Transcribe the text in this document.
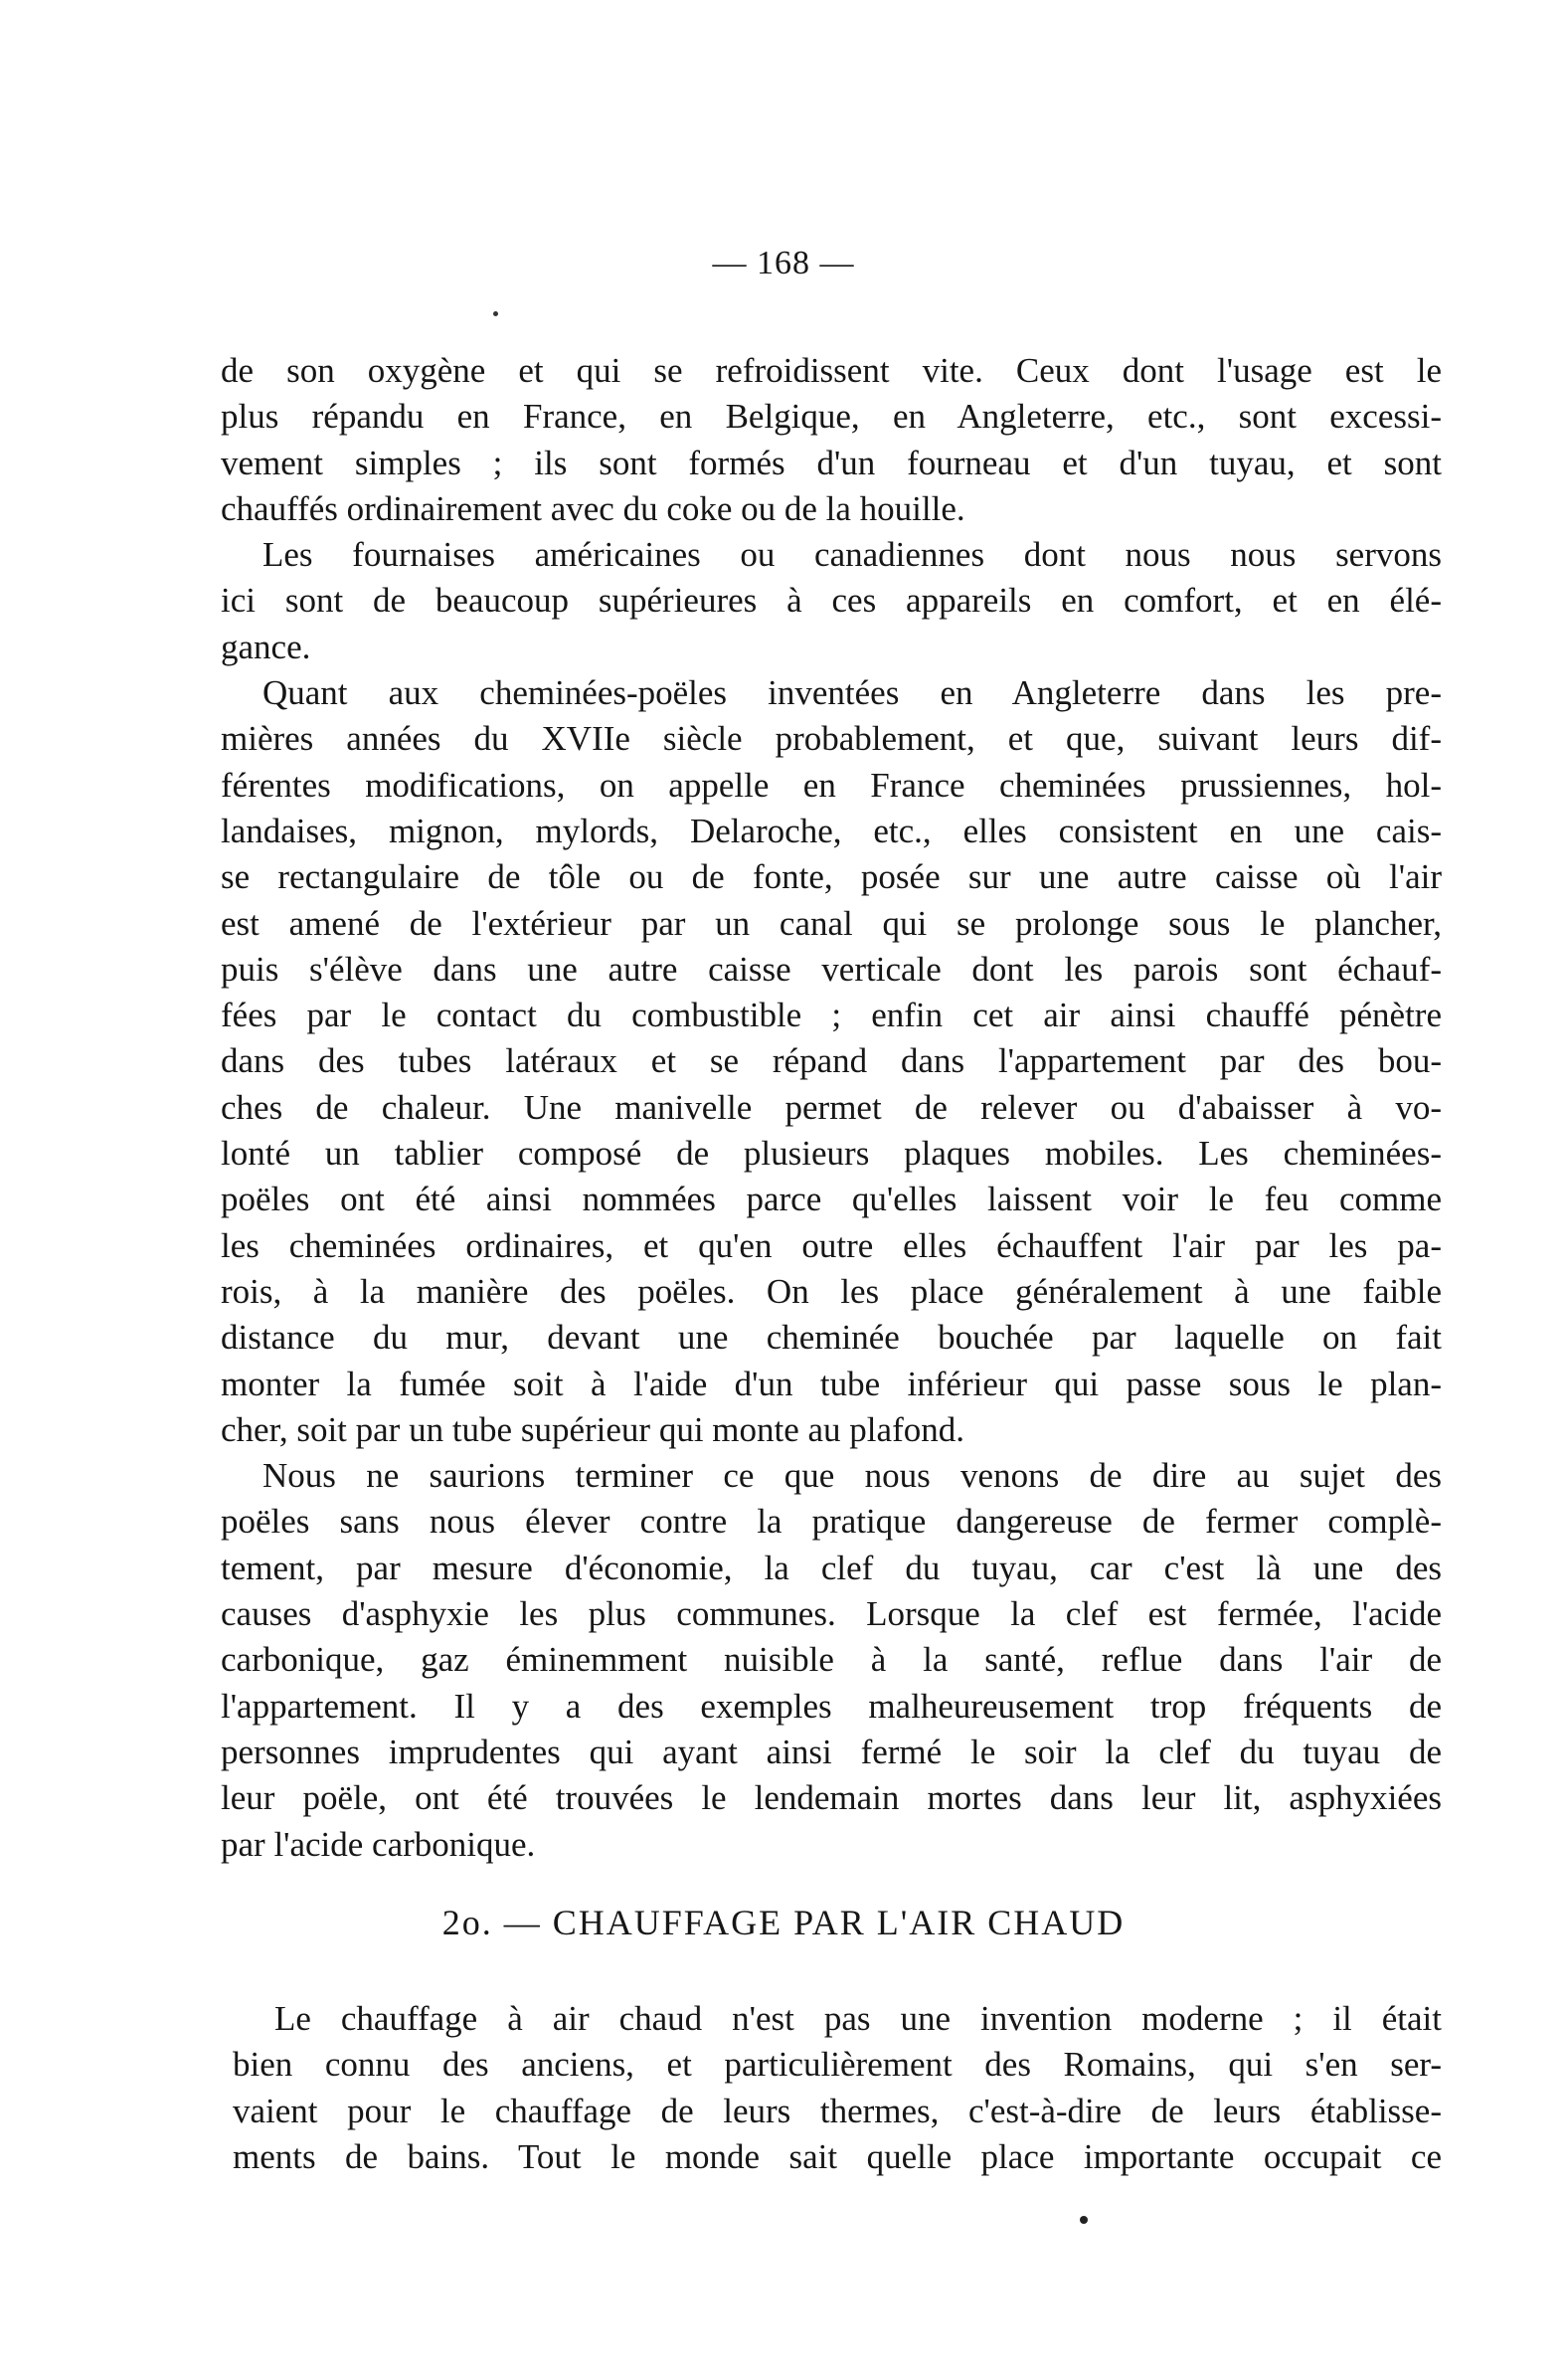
— 168 —

de son oxygène et qui se refroidissent vite. Ceux dont l'usage est le
plus répandu en France, en Belgique, en Angleterre, etc., sont excessi-
vement simples ; ils sont formés d'un fourneau et d'un tuyau, et sont
chauffés ordinairement avec du coke ou de la houille.

Les fournaises américaines ou canadiennes dont nous nous servons
ici sont de beaucoup supérieures à ces appareils en comfort, et en élé-
gance.

Quant aux cheminées-poëles inventées en Angleterre dans les pre-
mières années du XVIIe siècle probablement, et que, suivant leurs dif-
férentes modifications, on appelle en France cheminées prussiennes, hol-
landaises, mignon, mylords, Delaroche, etc., elles consistent en une cais-
se rectangulaire de tôle ou de fonte, posée sur une autre caisse où l'air
est amené de l'extérieur par un canal qui se prolonge sous le plancher,
puis s'élève dans une autre caisse verticale dont les parois sont échauf-
fées par le contact du combustible ; enfin cet air ainsi chauffé pénètre
dans des tubes latéraux et se répand dans l'appartement par des bou-
ches de chaleur. Une manivelle permet de relever ou d'abaisser à vo-
lonté un tablier composé de plusieurs plaques mobiles. Les cheminées-
poëles ont été ainsi nommées parce qu'elles laissent voir le feu comme
les cheminées ordinaires, et qu'en outre elles échauffent l'air par les pa-
rois, à la manière des poëles. On les place généralement à une faible
distance du mur, devant une cheminée bouchée par laquelle on fait
monter la fumée soit à l'aide d'un tube inférieur qui passe sous le plan-
cher, soit par un tube supérieur qui monte au plafond.

Nous ne saurions terminer ce que nous venons de dire au sujet des
poëles sans nous élever contre la pratique dangereuse de fermer complè-
tement, par mesure d'économie, la clef du tuyau, car c'est là une des
causes d'asphyxie les plus communes. Lorsque la clef est fermée, l'acide
carbonique, gaz éminemment nuisible à la santé, reflue dans l'air de
l'appartement. Il y a des exemples malheureusement trop fréquents de
personnes imprudentes qui ayant ainsi fermé le soir la clef du tuyau de
leur poële, ont été trouvées le lendemain mortes dans leur lit, asphyxiées
par l'acide carbonique.

2o. — CHAUFFAGE PAR L'AIR CHAUD

Le chauffage à air chaud n'est pas une invention moderne ; il était
bien connu des anciens, et particulièrement des Romains, qui s'en ser-
vaient pour le chauffage de leurs thermes, c'est-à-dire de leurs établisse-
ments de bains. Tout le monde sait quelle place importante occupait ce
